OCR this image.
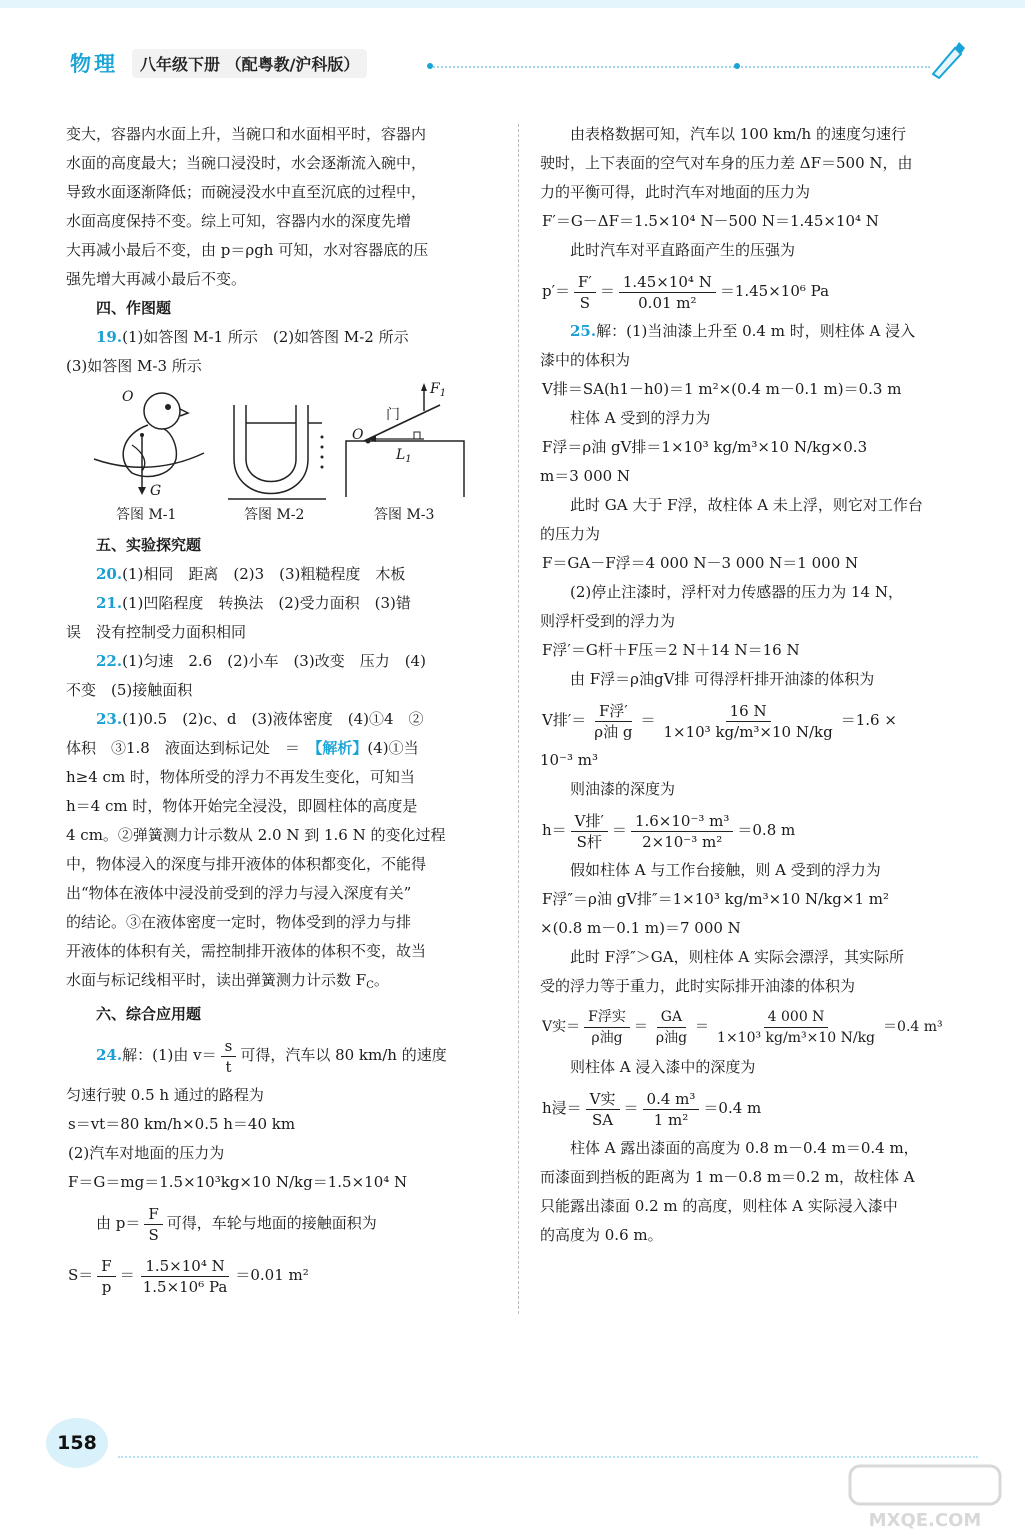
物理	八年级下册 （配粤教/沪科版）

变大，容器内水面上升，当碗口和水面相平时，容器内

水面的高度最大；当碗口浸没时，水会逐渐流入碗中，

导致水面逐渐降低；而碗浸没水中直至沉底的过程中，

水面高度保持不变。综上可知，容器内水的深度先增

大再减小最后不变，由 p＝ρgh 可知，水对容器底的压

强先增大再减小最后不变。

四、作图题

19.(1)如答图 M-1 所示　(2)如答图 M-2 所示

(3)如答图 M-3 所示

O
G
门
$F_1$
O
$L_1$
答图 M-1	答图 M-2	答图 M-3

五、实验探究题

20.(1)相同　距离　(2)3　(3)粗糙程度　木板

21.(1)凹陷程度　转换法　(2)受力面积　(3)错

误　没有控制受力面积相同

22.(1)匀速　2.6　(2)小车　(3)改变　压力　(4)

不变　(5)接触面积

23.(1)0.5　(2)c、d　(3)液体密度　(4)①4　②

体积　③1.8　液面达到标记处　＝　【解析】(4)①当

h≥4 cm 时，物体所受的浮力不再发生变化，可知当

h＝4 cm 时，物体开始完全浸没，即圆柱体的高度是

4 cm。②弹簧测力计示数从 2.0 N 到 1.6 N 的变化过程

中，物体浸入的深度与排开液体的体积都变化，不能得

出“物体在液体中浸没前受到的浮力与浸入深度有关”

的结论。③在液体密度一定时，物体受到的浮力与排

开液体的体积有关，需控制排开液体的体积不变，故当

水面与标记线相平时，读出弹簧测力计示数 $F_C$。

六、综合应用题

24.解：(1)由 $v= \frac{s}{t}$ 可得，汽车以 80 km/h 的速度

匀速行驶 0.5 h 通过的路程为

s＝vt＝80 km/h×0.5 h＝40 km

(2)汽车对地面的压力为

F＝G＝mg＝1.5×10³kg×10 N/kg＝1.5×10⁴ N

由 $p= \frac{F}{S}$ 可得，车轮与地面的接触面积为

$S= \frac{F}{p} = \frac{\text{1.5×10⁴ N}}{\text{1.5×10⁶ Pa}} =0.01$ m²

由表格数据可知，汽车以 100 km/h 的速度匀速行

驶时，上下表面的空气对车身的压力差 ΔF＝500 N，由

力的平衡可得，此时汽车对地面的压力为

F′＝G－ΔF＝1.5×10⁴ N－500 N＝1.45×10⁴ N

此时汽车对平直路面产生的压强为

$p'= \frac{F'}{S} = \frac{\text{1.45×10⁴ N}}{\text{0.01 m²}} =1.45\times 10^6$ Pa

25.解：(1)当油漆上升至 0.4 m 时，则柱体 A 浸入

漆中的体积为

V排＝SA(h1－h0)＝1 m²×(0.4 m－0.1 m)＝0.3 m

柱体 A 受到的浮力为

F浮＝ρ油 gV排＝1×10³ kg/m³×10 N/kg×0.3

m＝3 000 N

此时 GA 大于 F浮，故柱体 A 未上浮，则它对工作台

的压力为

F＝GA－F浮＝4 000 N－3 000 N＝1 000 N

(2)停止注漆时，浮杆对力传感器的压力为 14 N，

则浮杆受到的浮力为

F浮′＝G杆＋F压＝2 N＋14 N＝16 N

由 F浮＝ρ油gV排 可得浮杆排开油漆的体积为

V排′＝ $\frac{\text{F浮′}}{\text{ρ油 g}} = \frac{16 N}{\text{1×10³ kg/m³×10 N/kg}} =1.6$ ×

10⁻³ m³

则油漆的深度为

$h= \frac{\text{V排′}}{\text{S杆}} = \frac{\text{1.6×10⁻³ m³}}{\text{2×10⁻³ m²}} =0.8$ m

假如柱体 A 与工作台接触，则 A 受到的浮力为

F浮″＝ρ油 gV排″＝1×10³ kg/m³×10 N/kg×1 m²

×(0.8 m－0.1 m)＝7 000 N

此时 F浮″＞GA，则柱体 A 实际会漂浮，其实际所

受的浮力等于重力，此时实际排开油漆的体积为

V实＝ $\frac{\text{F浮实}}{\text{ρ油g}} = \frac{GA}{\text{ρ油g}} = \frac{4 000 N}{\text{1×10³ kg/m³×10 N/kg}} =0.4$ m³

则柱体 A 浸入漆中的深度为

h浸＝ $\frac{\text{V实}}{SA} = \frac{\text{0.4 m³}}{\text{1 m²}} =0.4$ m

柱体 A 露出漆面的高度为 0.8 m－0.4 m＝0.4 m，

而漆面到挡板的距离为 1 m－0.8 m＝0.2 m，故柱体 A

只能露出漆面 0.2 m 的高度，则柱体 A 实际浸入漆中

的高度为 0.6 m。

158
MXQE.COM
